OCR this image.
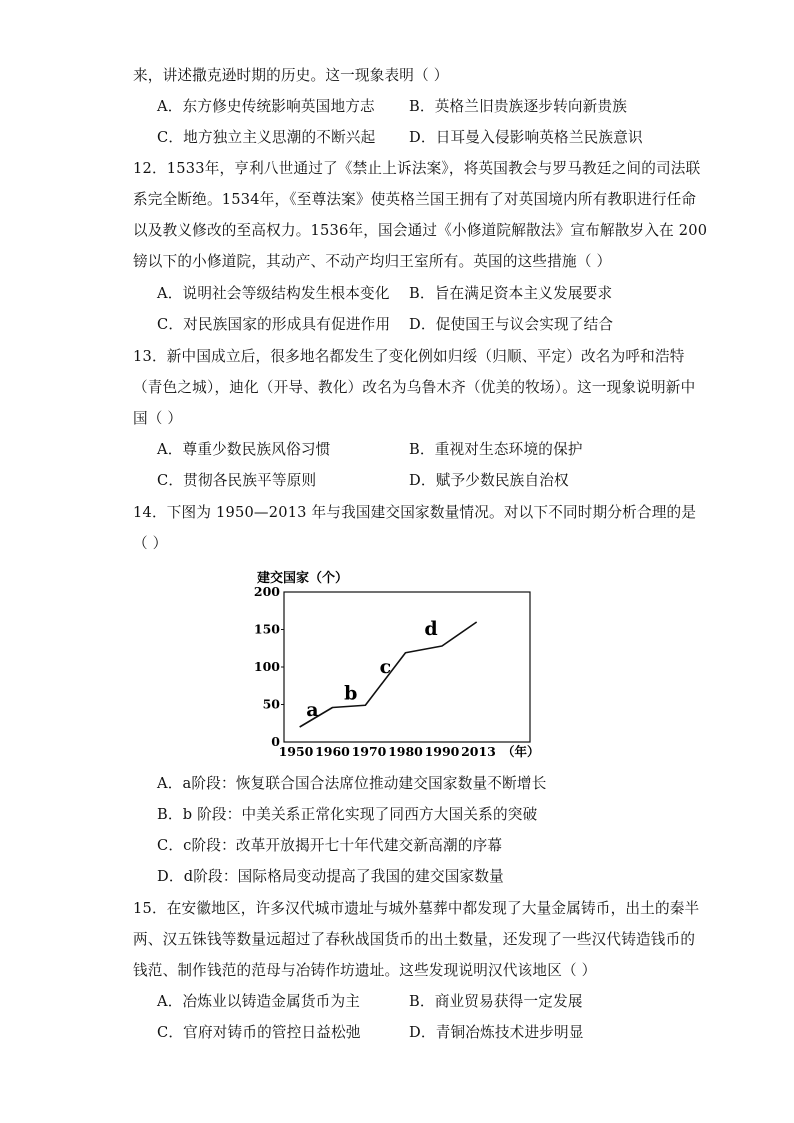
来，讲述撒克逊时期的历史。这一现象表明（ ）
A．东方修史传统影响英国地方志 B．英格兰旧贵族逐步转向新贵族
C．地方独立主义思潮的不断兴起 D．日耳曼入侵影响英格兰民族意识
12．1533年，亨利八世通过了《禁止上诉法案》，将英国教会与罗马教廷之间的司法联
系完全断绝。1534年，《至尊法案》使英格兰国王拥有了对英国境内所有教职进行任命
以及教义修改的至高权力。1536年，国会通过《小修道院解散法》宣布解散岁入在 200
镑以下的小修道院，其动产、不动产均归王室所有。英国的这些措施（ ）
A．说明社会等级结构发生根本变化 B．旨在满足资本主义发展要求
C．对民族国家的形成具有促进作用 D．促使国王与议会实现了结合
13．新中国成立后，很多地名都发生了变化例如归绥（归顺、平定）改名为呼和浩特
（青色之城），迪化（开导、教化）改名为乌鲁木齐（优美的牧场）。这一现象说明新中
国（ ）
A．尊重少数民族风俗习惯	B．重视对生态环境的保护
C．贯彻各民族平等原则	D．赋予少数民族自治权
14．下图为 1950—2013 年与我国建交国家数量情况。对以下不同时期分析合理的是
（ ）
建交国家（个）
0
50
100
150
200
1950 1960 1970 1980 1990 2013
a
b
c
d
（年）
A．a阶段：恢复联合国合法席位推动建交国家数量不断增长
B．b 阶段：中美关系正常化实现了同西方大国关系的突破
C．c阶段：改革开放揭开七十年代建交新高潮的序幕
D．d阶段：国际格局变动提高了我国的建交国家数量
15．在安徽地区，许多汉代城市遗址与城外墓葬中都发现了大量金属铸币，出土的秦半
两、汉五铢钱等数量远超过了春秋战国货币的出土数量，还发现了一些汉代铸造钱币的
钱范、制作钱范的范母与冶铸作坊遗址。这些发现说明汉代该地区（ ）
A．冶炼业以铸造金属货币为主	B．商业贸易获得一定发展
C．官府对铸币的管控日益松弛	D．青铜冶炼技术进步明显
